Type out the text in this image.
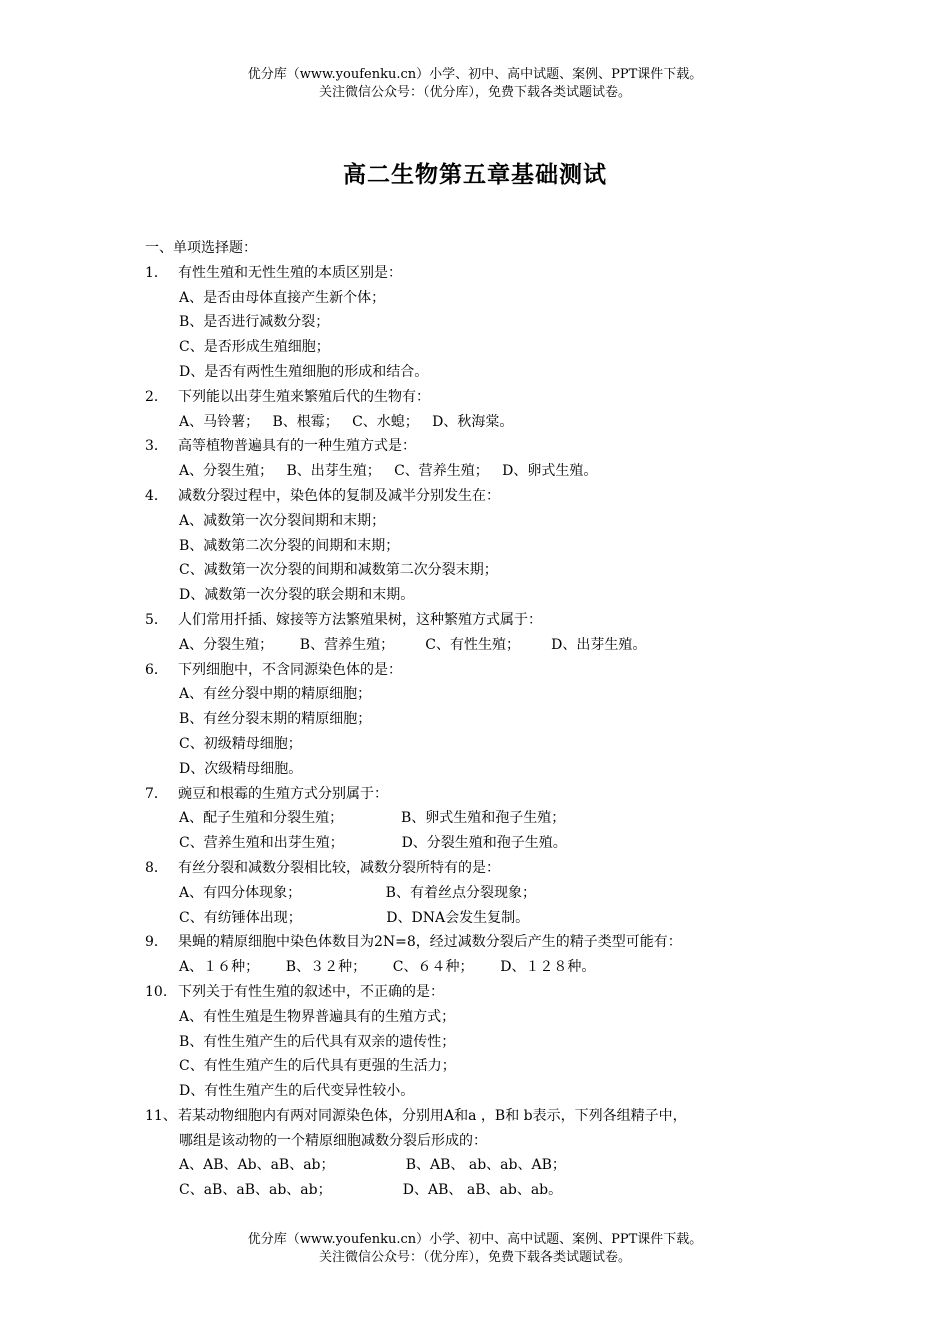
优分库（www.youfenku.cn）小学、初中、高中试题、案例、PPT课件下载。
关注微信公众号：（优分库），免费下载各类试题试卷。
高二生物第五章基础测试
一、单项选择题：
1． 有性生殖和无性生殖的本质区别是：
A、是否由母体直接产生新个体；
B、是否进行减数分裂；
C、是否形成生殖细胞；
D、是否有两性生殖细胞的形成和结合。
2． 下列能以出芽生殖来繁殖后代的生物有：
A、马铃薯；   B、根霉；   C、水螅；   D、秋海棠。
3． 高等植物普遍具有的一种生殖方式是：
A、分裂生殖；   B、出芽生殖；   C、营养生殖；   D、卵式生殖。
4． 减数分裂过程中，染色体的复制及减半分别发生在：
A、减数第一次分裂间期和末期；
B、减数第二次分裂的间期和末期；
C、减数第一次分裂的间期和减数第二次分裂末期；
D、减数第一次分裂的联会期和末期。
5． 人们常用扦插、嫁接等方法繁殖果树，这种繁殖方式属于：
A、分裂生殖；      B、营养生殖；       C、有性生殖；       D、出芽生殖。
6． 下列细胞中，不含同源染色体的是：
A、有丝分裂中期的精原细胞；
B、有丝分裂末期的精原细胞；
C、初级精母细胞；
D、次级精母细胞。
7． 豌豆和根霉的生殖方式分别属于：
A、配子生殖和分裂生殖；             B、卵式生殖和孢子生殖；
C、营养生殖和出芽生殖；             D、分裂生殖和孢子生殖。
8． 有丝分裂和减数分裂相比较，减数分裂所特有的是：
A、有四分体现象；                   B、有着丝点分裂现象；
C、有纺锤体出现；                   D、DNA会发生复制。
9． 果蝇的精原细胞中染色体数目为2N=8，经过减数分裂后产生的精子类型可能有：
A、１６种；      B、３２种；      C、６４种；      D、１２８种。
10. 下列关于有性生殖的叙述中，不正确的是：
A、有性生殖是生物界普遍具有的生殖方式；
B、有性生殖产生的后代具有双亲的遗传性；
C、有性生殖产生的后代具有更强的生活力；
D、有性生殖产生的后代变异性较小。
11、 若某动物细胞内有两对同源染色体，分别用A和a ，B和 b表示，下列各组精子中，
哪组是该动物的一个精原细胞减数分裂后形成的：
A、AB、Ab、aB、ab；                B、AB、 ab、ab、AB；
C、aB、aB、ab、ab；                D、AB、 aB、ab、ab。
优分库（www.youfenku.cn）小学、初中、高中试题、案例、PPT课件下载。
关注微信公众号：（优分库），免费下载各类试题试卷。
